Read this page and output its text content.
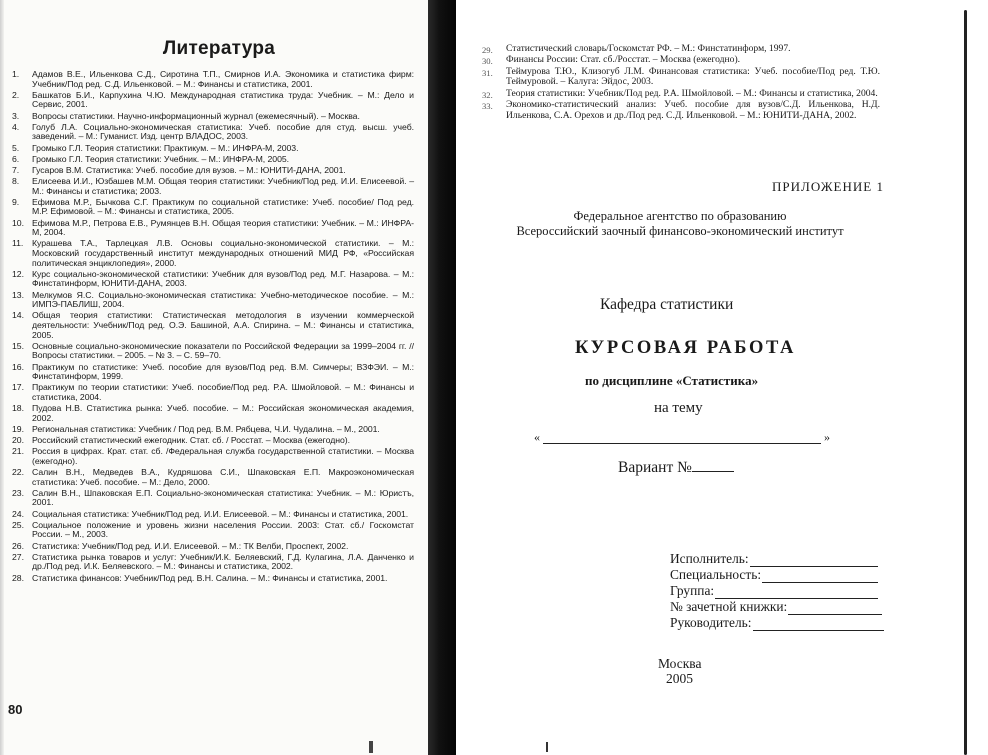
Литература
1. Адамов В.Е., Ильенкова С.Д., Сиротина Т.П., Смирнов И.А. Экономика и статистика фирм: Учебник/Под ред. С.Д. Ильенковой. – М.: Финансы и статистика, 2001.
2. Башкатов Б.И., Карпухина Ч.Ю. Международная статистика труда: Учебник. – М.: Дело и Сервис, 2001.
3. Вопросы статистики. Научно-информационный журнал (ежемесячный). – Москва.
4. Голуб Л.А. Социально-экономическая статистика: Учеб. пособие для студ. высш. учеб. заведений. – М.: Гуманист. Изд. центр ВЛАДОС, 2003.
5. Громыко Г.Л. Теория статистики: Практикум. – М.: ИНФРА-М, 2003.
6. Громыко Г.Л. Теория статистики: Учебник. – М.: ИНФРА-М, 2005.
7. Гусаров В.М. Статистика: Учеб. пособие для вузов. – М.: ЮНИТИ-ДАНА, 2001.
8. Елисеева И.И., Юзбашев М.М. Общая теория статистики: Учебник/Под ред. И.И. Елисеевой. – М.: Финансы и статистика; 2003.
9. Ефимова М.Р., Бычкова С.Г. Практикум по социальной статистике: Учеб. пособие/ Под ред. М.Р. Ефимовой. – М.: Финансы и статистика, 2005.
10. Ефимова М.Р., Петрова Е.В., Румянцев В.Н. Общая теория статистики: Учебник. – М.: ИНФРА-М, 2004.
11. Курашева Т.А., Тарлецкая Л.В. Основы социально-экономической статистики. – М.: Московский государственный институт международных отношений МИД РФ, «Российская политическая энциклопедия», 2000.
12. Курс социально-экономической статистики: Учебник для вузов/Под ред. М.Г. Назарова. – М.: Финстатинформ, ЮНИТИ-ДАНА, 2003.
13. Мелкумов Я.С. Социально-экономическая статистика: Учебно-методическое пособие. – М.: ИМПЭ-ПАБЛИШ, 2004.
14. Общая теория статистики: Статистическая методология в изучении коммерческой деятельности: Учебник/Под ред. О.Э. Башиной, А.А. Спирина. – М.: Финансы и статистика, 2005.
15. Основные социально-экономические показатели по Российской Федерации за 1999–2004 гг. // Вопросы статистики. – 2005. – № 3. – С. 59–70.
16. Практикум по статистике: Учеб. пособие для вузов/Под ред. В.М. Симчеры; ВЗФЭИ. – М.: Финстатинформ, 1999.
17. Практикум по теории статистики: Учеб. пособие/Под ред. Р.А. Шмойловой. – М.: Финансы и статистика, 2004.
18. Пудова Н.В. Статистика рынка: Учеб. пособие. – М.: Российская экономическая академия, 2002.
19. Региональная статистика: Учебник / Под ред. В.М. Рябцева, Ч.И. Чудалина. – М., 2001.
20. Российский статистический ежегодник. Стат. сб. / Росстат. – Москва (ежегодно).
21. Россия в цифрах. Крат. стат. сб. /Федеральная служба государственной статистики. – Москва (ежегодно).
22. Салин В.Н., Медведев В.А., Кудряшова С.И., Шпаковская Е.П. Макроэкономическая статистика: Учеб. пособие. – М.: Дело, 2000.
23. Салин В.Н., Шпаковская Е.П. Социально-экономическая статистика: Учебник. – М.: Юристъ, 2001.
24. Социальная статистика: Учебник/Под ред. И.И. Елисеевой. – М.: Финансы и статистика, 2001.
25. Социальное положение и уровень жизни населения России. 2003: Стат. сб./ Госкомстат России. – М., 2003.
26. Статистика: Учебник/Под ред. И.И. Елисеевой. – М.: ТК Велби, Проспект, 2002.
27. Статистика рынка товаров и услуг: Учебник/И.К. Беляевский, Г.Д. Кулагина, Л.А. Данченко и др./Под ред. И.К. Беляевского. – М.: Финансы и статистика, 2002.
28. Статистика финансов: Учебник/Под ред. В.Н. Салина. – М.: Финансы и статистика, 2001.
80
29. Статистический словарь/Госкомстат РФ. – М.: Финстатинформ, 1997.
30. Финансы России: Стат. сб./Росстат. – Москва (ежегодно).
31. Теймурова Т.Ю., Клизогуб Л.М. Финансовая статистика: Учеб. пособие/Под ред. Т.Ю. Теймуровой. – Калуга: Эйдос, 2003.
32. Теория статистики: Учебник/Под ред. Р.А. Шмойловой. – М.: Финансы и статистика, 2004.
33. Экономико-статистический анализ: Учеб. пособие для вузов/С.Д. Ильенкова, Н.Д. Ильенкова, С.А. Орехов и др./Под ред. С.Д. Ильенковой. – М.: ЮНИТИ-ДАНА, 2002.
ПРИЛОЖЕНИЕ 1
Федеральное агентство по образованию
Всероссийский заочный финансово-экономический институт
Кафедра статистики
КУРСОВАЯ РАБОТА
по дисциплине «Статистика»
на тему
«	»
Вариант №
Исполнитель:
Специальность:
Группа:
№ зачетной книжки:
Руководитель:
Москва
2005
